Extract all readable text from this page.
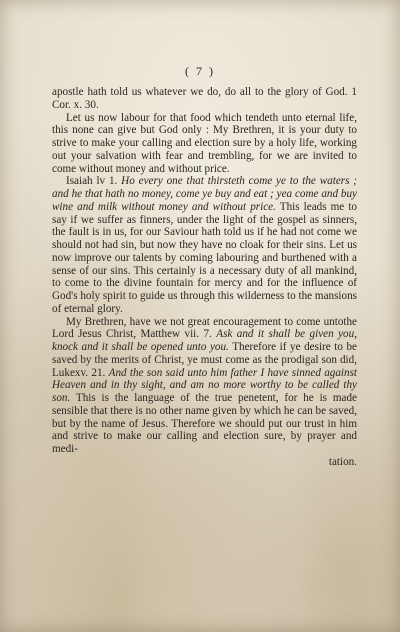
( 7 )

apostle hath told us whatever we do, do all to the glory of God. 1 Cor. x. 30.

Let us now labour for that food which tendeth unto eternal life, this none can give but God only : My Brethren, it is your duty to strive to make your calling and election sure by a holy life, working out your salvation with fear and trembling, for we are invited to come without money and without price.

Isaiah lv 1. Ho every one that thirsteth come ye to the waters ; and he that hath no money, come ye buy and eat ; yea come and buy wine and milk without money and without price. This leads me to say if we suffer as finners, under the light of the gospel as sinners, the fault is in us, for our Saviour hath told us if he had not come we should not had sin, but now they have no cloak for their sins. Let us now improve our talents by coming labouring and burthened with a sense of our sins. This certainly is a necessary duty of all mankind, to come to the divine fountain for mercy and for the influence of God's holy spirit to guide us through this wilderness to the mansions of eternal glory.

My Brethren, have we not great encouragement to come untothe Lord Jesus Christ, Matthew vii. 7. Ask and it shall be given you, knock and it shall be opened unto you. Therefore if ye desire to be saved by the merits of Christ, ye must come as the prodigal son did, Lukexv. 21. And the son said unto him father I have sinned against Heaven and in thy sight, and am no more worthy to be called thy son. This is the language of the true penetent, for he is made sensible that there is no other name given by which he can be saved, but by the name of Jesus. Therefore we should put our trust in him and strive to make our calling and election sure, by prayer and medi-
tation.
